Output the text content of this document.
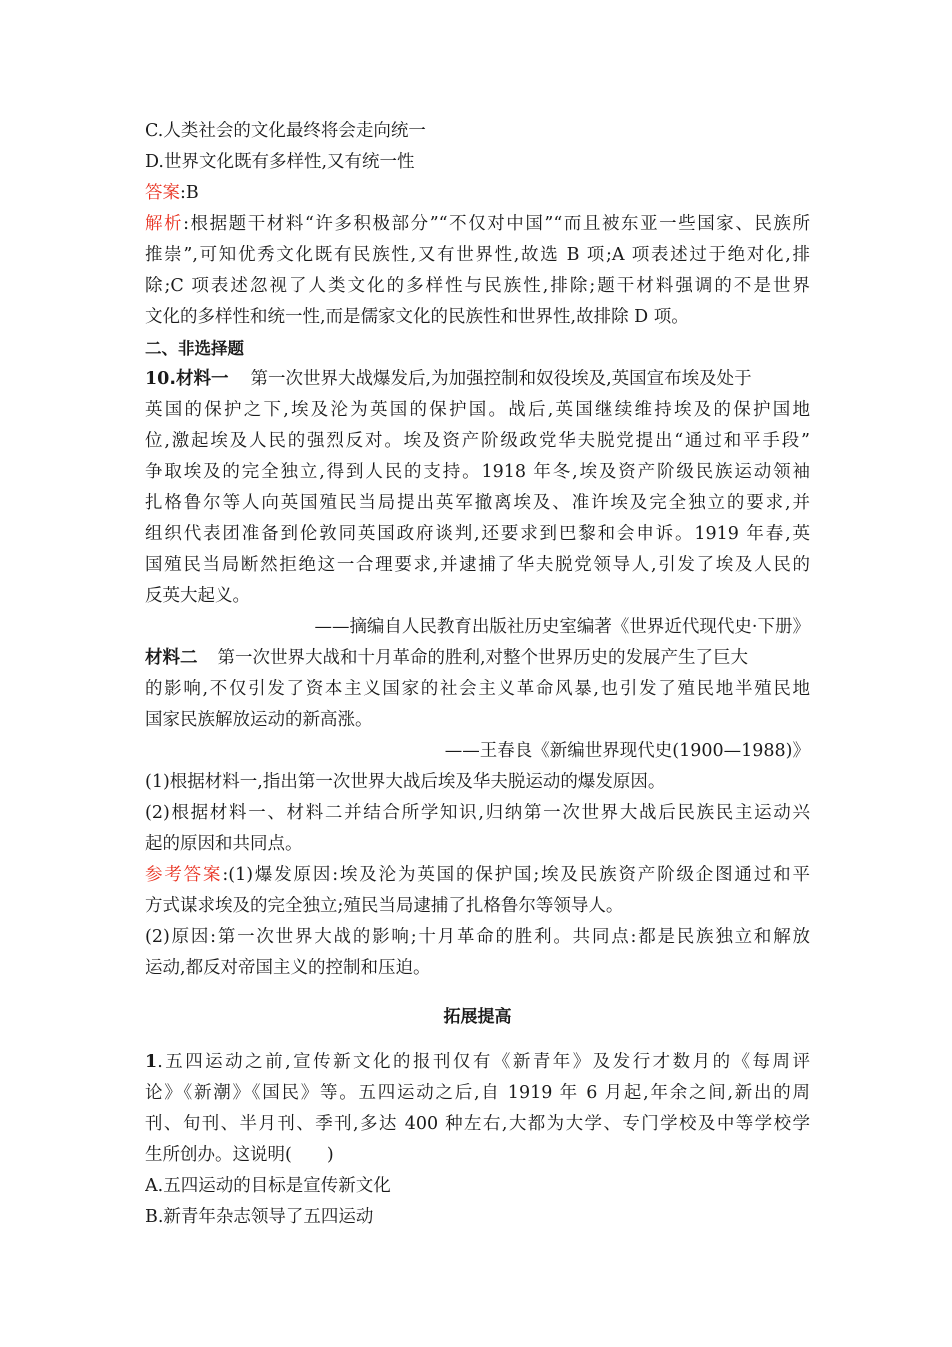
C.人类社会的文化最终将会走向统一
D.世界文化既有多样性,又有统一性
答案:B
解析:根据题干材料“许多积极部分”“不仅对中国”“而且被东亚一些国家、民族所
推崇”,可知优秀文化既有民族性,又有世界性,故选 B 项;A 项表述过于绝对化,排
除;C 项表述忽视了人类文化的多样性与民族性,排除;题干材料强调的不是世界
文化的多样性和统一性,而是儒家文化的民族性和世界性,故排除 D 项。
二、非选择题
10.材料一 第一次世界大战爆发后,为加强控制和奴役埃及,英国宣布埃及处于
英国的保护之下,埃及沦为英国的保护国。战后,英国继续维持埃及的保护国地
位,激起埃及人民的强烈反对。埃及资产阶级政党华夫脱党提出“通过和平手段”
争取埃及的完全独立,得到人民的支持。1918 年冬,埃及资产阶级民族运动领袖
扎格鲁尔等人向英国殖民当局提出英军撤离埃及、准许埃及完全独立的要求,并
组织代表团准备到伦敦同英国政府谈判,还要求到巴黎和会申诉。1919 年春,英
国殖民当局断然拒绝这一合理要求,并逮捕了华夫脱党领导人,引发了埃及人民的
反英大起义。
——摘编自人民教育出版社历史室编著《世界近代现代史·下册》
材料二 第一次世界大战和十月革命的胜利,对整个世界历史的发展产生了巨大
的影响,不仅引发了资本主义国家的社会主义革命风暴,也引发了殖民地半殖民地
国家民族解放运动的新高涨。
——王春良《新编世界现代史(1900—1988)》
(1)根据材料一,指出第一次世界大战后埃及华夫脱运动的爆发原因。
(2)根据材料一、材料二并结合所学知识,归纳第一次世界大战后民族民主运动兴
起的原因和共同点。
参考答案:(1)爆发原因:埃及沦为英国的保护国;埃及民族资产阶级企图通过和平
方式谋求埃及的完全独立;殖民当局逮捕了扎格鲁尔等领导人。
(2)原因:第一次世界大战的影响;十月革命的胜利。共同点:都是民族独立和解放
运动,都反对帝国主义的控制和压迫。
拓展提高
1.五四运动之前,宣传新文化的报刊仅有《新青年》及发行才数月的《每周评
论》《新潮》《国民》等。五四运动之后,自 1919 年 6 月起,年余之间,新出的周
刊、旬刊、半月刊、季刊,多达 400 种左右,大都为大学、专门学校及中等学校学
生所创办。这说明(　　)
A.五四运动的目标是宣传新文化
B.新青年杂志领导了五四运动
